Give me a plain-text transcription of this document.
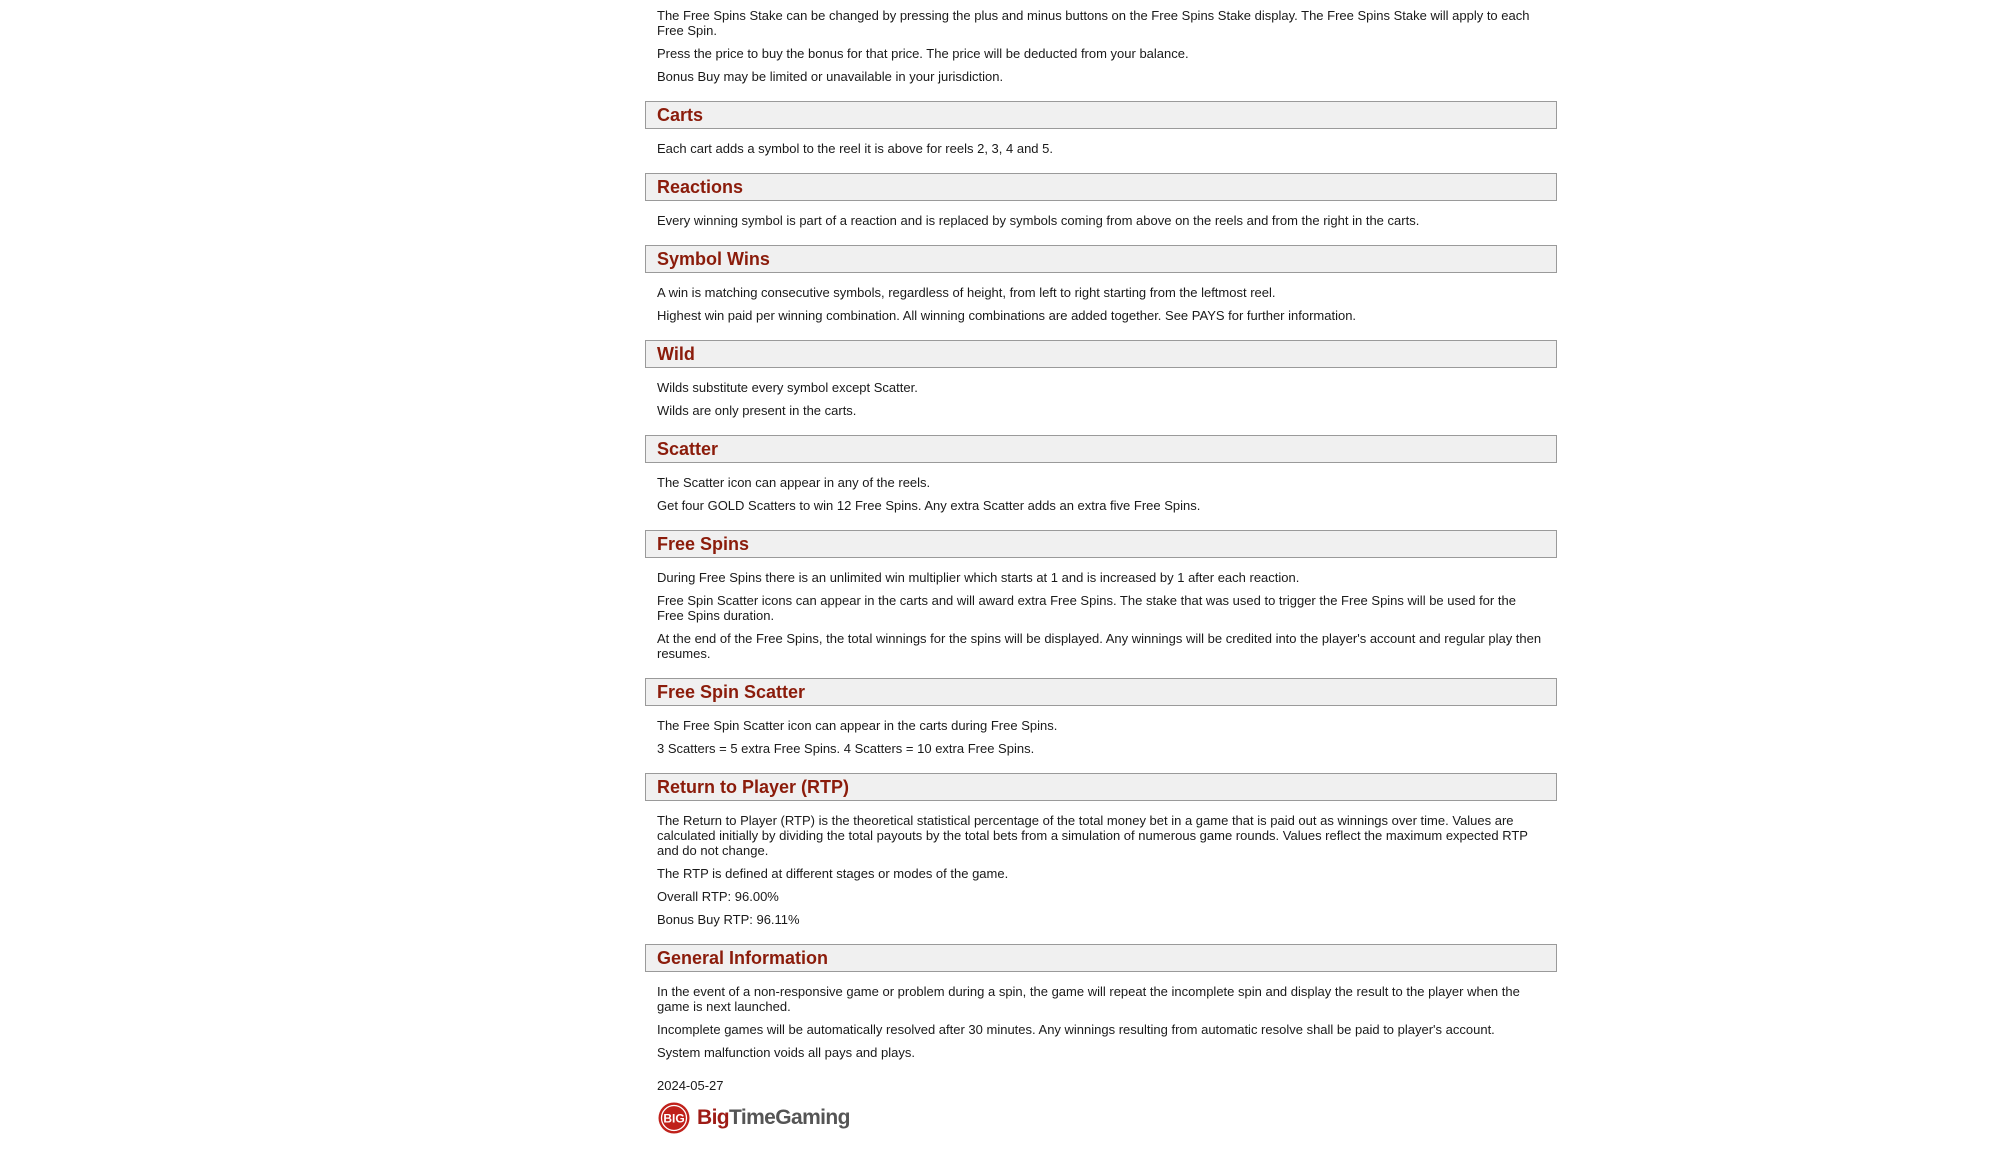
The Free Spins Stake can be changed by pressing the plus and minus buttons on the Free Spins Stake display. The Free Spins Stake will apply to each Free Spin.

Press the price to buy the bonus for that price. The price will be deducted from your balance.

Bonus Buy may be limited or unavailable in your jurisdiction.

Carts

Each cart adds a symbol to the reel it is above for reels 2, 3, 4 and 5.

Reactions

Every winning symbol is part of a reaction and is replaced by symbols coming from above on the reels and from the right in the carts.

Symbol Wins

A win is matching consecutive symbols, regardless of height, from left to right starting from the leftmost reel.

Highest win paid per winning combination. All winning combinations are added together. See PAYS for further information.

Wild

Wilds substitute every symbol except Scatter.

Wilds are only present in the carts.

Scatter

The Scatter icon can appear in any of the reels.

Get four GOLD Scatters to win 12 Free Spins. Any extra Scatter adds an extra five Free Spins.

Free Spins

During Free Spins there is an unlimited win multiplier which starts at 1 and is increased by 1 after each reaction.

Free Spin Scatter icons can appear in the carts and will award extra Free Spins. The stake that was used to trigger the Free Spins will be used for the Free Spins duration.

At the end of the Free Spins, the total winnings for the spins will be displayed. Any winnings will be credited into the player's account and regular play then resumes.

Free Spin Scatter

The Free Spin Scatter icon can appear in the carts during Free Spins.

3 Scatters = 5 extra Free Spins. 4 Scatters = 10 extra Free Spins.

Return to Player (RTP)

The Return to Player (RTP) is the theoretical statistical percentage of the total money bet in a game that is paid out as winnings over time. Values are calculated initially by dividing the total payouts by the total bets from a simulation of numerous game rounds. Values reflect the maximum expected RTP and do not change.

The RTP is defined at different stages or modes of the game.

Overall RTP: 96.00%

Bonus Buy RTP: 96.11%

General Information

In the event of a non-responsive game or problem during a spin, the game will repeat the incomplete spin and display the result to the player when the game is next launched.

Incomplete games will be automatically resolved after 30 minutes. Any winnings resulting from automatic resolve shall be paid to player's account.

System malfunction voids all pays and plays.

2024-05-27
BIG BigTimeGaming
